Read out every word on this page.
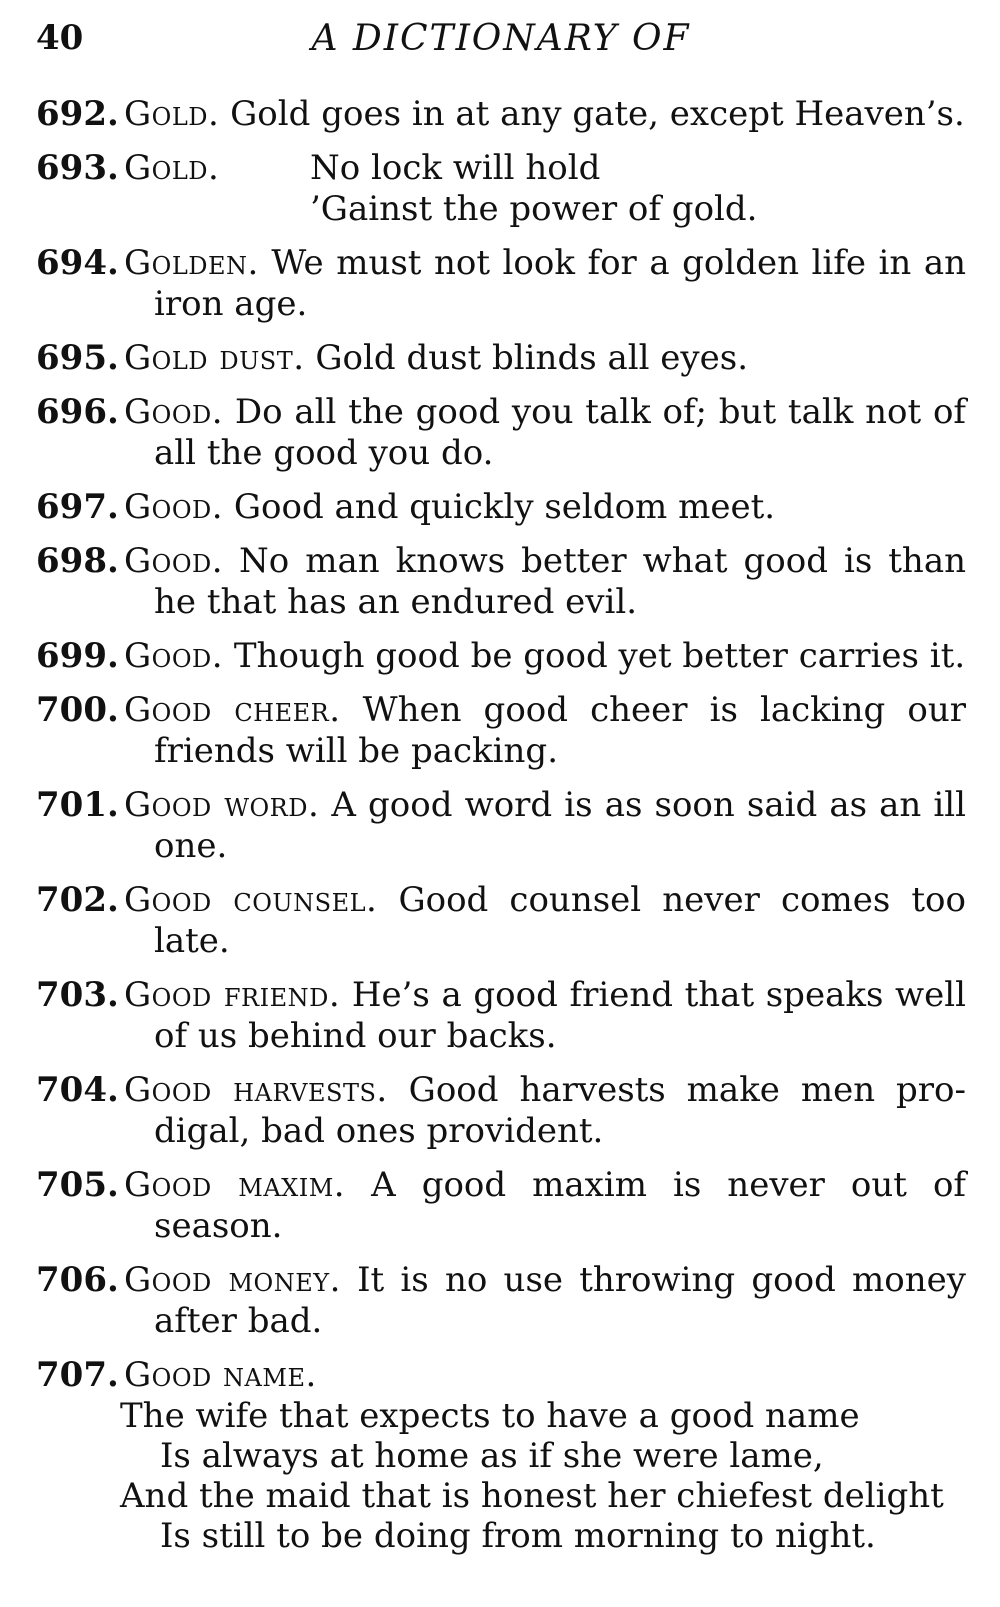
40	A DICTIONARY OF
692. Gold. Gold goes in at any gate, except Heaven’s.
693. Gold.	No lock will hold
’Gainst the power of gold.
694. Golden. We must not look for a golden life in an iron age.
695. Gold dust. Gold dust blinds all eyes.
696. Good. Do all the good you talk of; but talk not of all the good you do.
697. Good. Good and quickly seldom meet.
698. Good. No man knows better what good is than he that has an endured evil.
699. Good. Though good be good yet better carries it.
700. Good cheer. When good cheer is lacking our friends will be packing.
701. Good word. A good word is as soon said as an ill one.
702. Good counsel. Good counsel never comes too late.
703. Good friend. He’s a good friend that speaks well of us behind our backs.
704. Good harvests. Good harvests make men pro-digal, bad ones provident.
705. Good maxim. A good maxim is never out of season.
706. Good money. It is no use throwing good money after bad.
707. Good name.
The wife that expects to have a good name
Is always at home as if she were lame,
And the maid that is honest her chiefest delight
Is still to be doing from morning to night.
